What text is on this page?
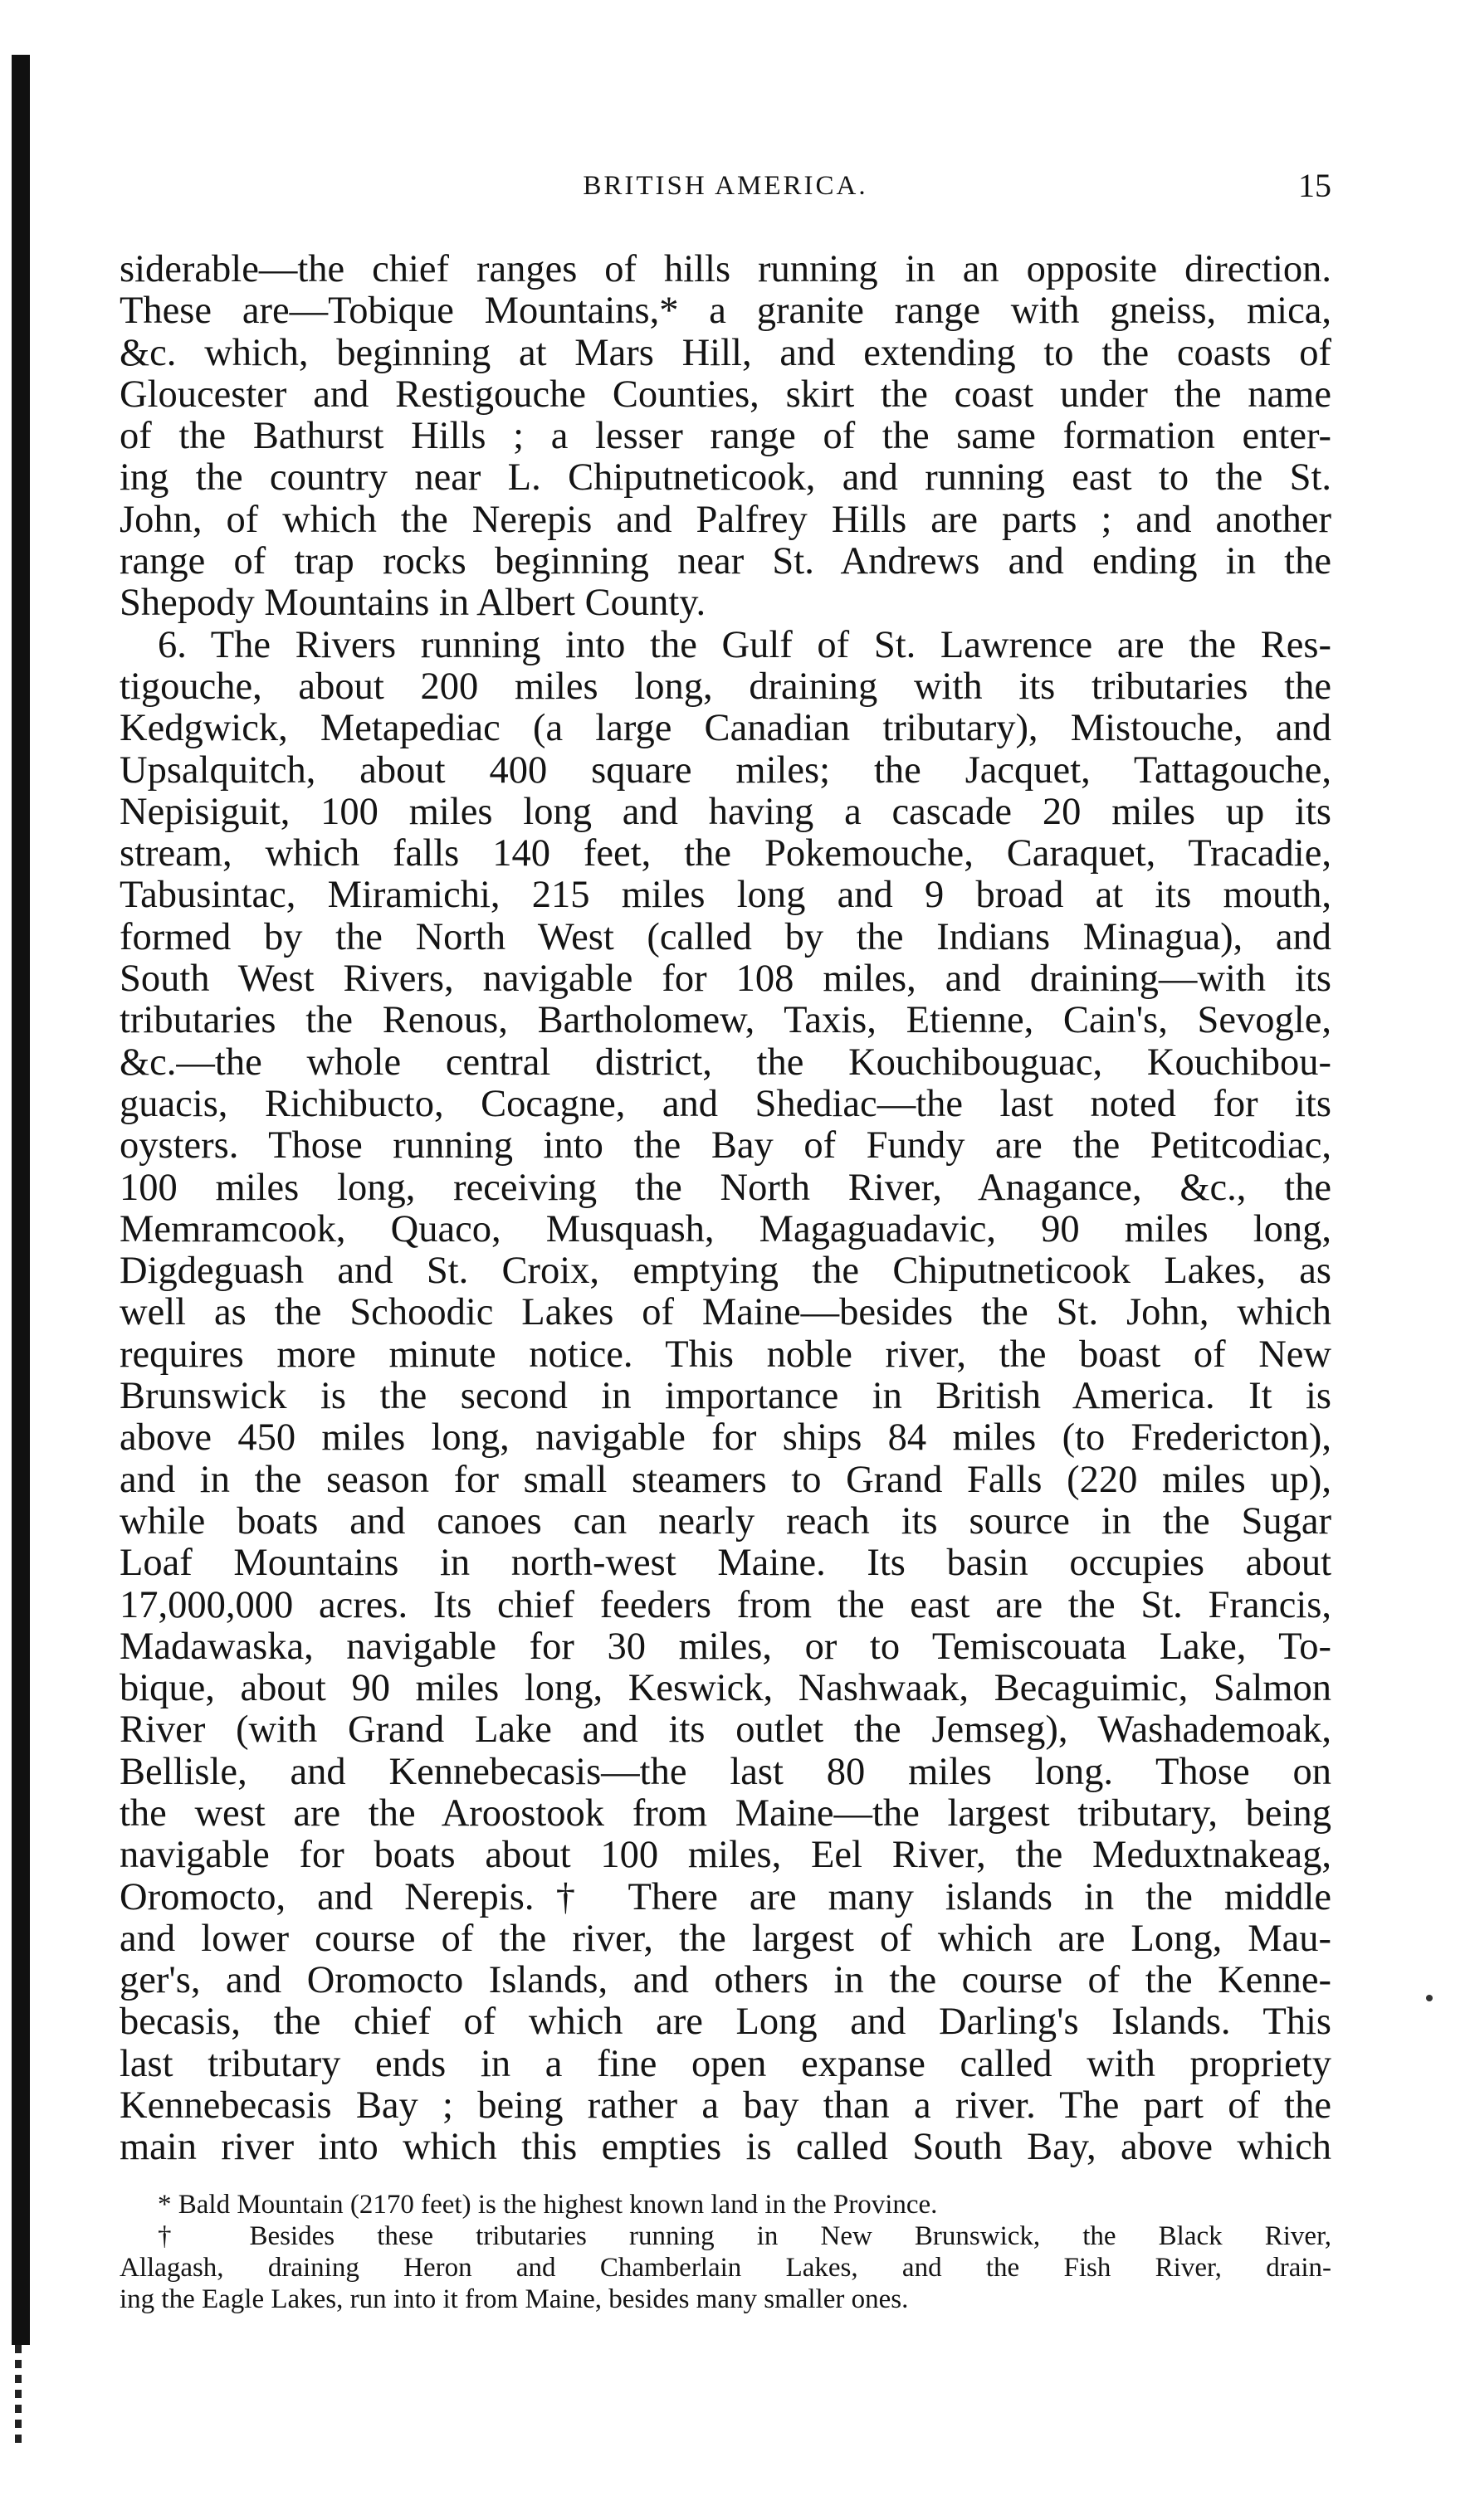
BRITISH AMERICA.	15

siderable—the chief ranges of hills running in an opposite direction.

These are—Tobique Mountains,* a granite range with gneiss, mica,

&c. which, beginning at Mars Hill, and extending to the coasts of

Gloucester and Restigouche Counties, skirt the coast under the name

of the Bathurst Hills ; a lesser range of the same formation enter-

ing the country near L. Chiputneticook, and running east to the St.

John, of which the Nerepis and Palfrey Hills are parts ; and another

range of trap rocks beginning near St. Andrews and ending in the

Shepody Mountains in Albert County.

6. The Rivers running into the Gulf of St. Lawrence are the Res-

tigouche, about 200 miles long, draining with its tributaries the

Kedgwick, Metapediac (a large Canadian tributary), Mistouche, and

Upsalquitch, about 400 square miles; the Jacquet, Tattagouche,

Nepisiguit, 100 miles long and having a cascade 20 miles up its

stream, which falls 140 feet, the Pokemouche, Caraquet, Tracadie,

Tabusintac, Miramichi, 215 miles long and 9 broad at its mouth,

formed by the North West (called by the Indians Minagua), and

South West Rivers, navigable for 108 miles, and draining—with its

tributaries the Renous, Bartholomew, Taxis, Etienne, Cain's, Sevogle,

&c.—the whole central district, the Kouchibouguac, Kouchibou-

guacis, Richibucto, Cocagne, and Shediac—the last noted for its

oysters. Those running into the Bay of Fundy are the Petitcodiac,

100 miles long, receiving the North River, Anagance, &c., the

Memramcook, Quaco, Musquash, Magaguadavic, 90 miles long,

Digdeguash and St. Croix, emptying the Chiputneticook Lakes, as

well as the Schoodic Lakes of Maine—besides the St. John, which

requires more minute notice. This noble river, the boast of New

Brunswick is the second in importance in British America. It is

above 450 miles long, navigable for ships 84 miles (to Fredericton),

and in the season for small steamers to Grand Falls (220 miles up),

while boats and canoes can nearly reach its source in the Sugar

Loaf Mountains in north-west Maine. Its basin occupies about

17,000,000 acres. Its chief feeders from the east are the St. Francis,

Madawaska, navigable for 30 miles, or to Temiscouata Lake, To-

bique, about 90 miles long, Keswick, Nashwaak, Becaguimic, Salmon

River (with Grand Lake and its outlet the Jemseg), Washademoak,

Bellisle, and Kennebecasis—the last 80 miles long. Those on

the west are the Aroostook from Maine—the largest tributary, being

navigable for boats about 100 miles, Eel River, the Meduxtnakeag,

Oromocto, and Nerepis.† There are many islands in the middle

and lower course of the river, the largest of which are Long, Mau-

ger's, and Oromocto Islands, and others in the course of the Kenne-

becasis, the chief of which are Long and Darling's Islands. This

last tributary ends in a fine open expanse called with propriety

Kennebecasis Bay ; being rather a bay than a river. The part of the

main river into which this empties is called South Bay, above which

* Bald Mountain (2170 feet) is the highest known land in the Province.

† Besides these tributaries running in New Brunswick, the Black River,

Allagash, draining Heron and Chamberlain Lakes, and the Fish River, drain-

ing the Eagle Lakes, run into it from Maine, besides many smaller ones.
